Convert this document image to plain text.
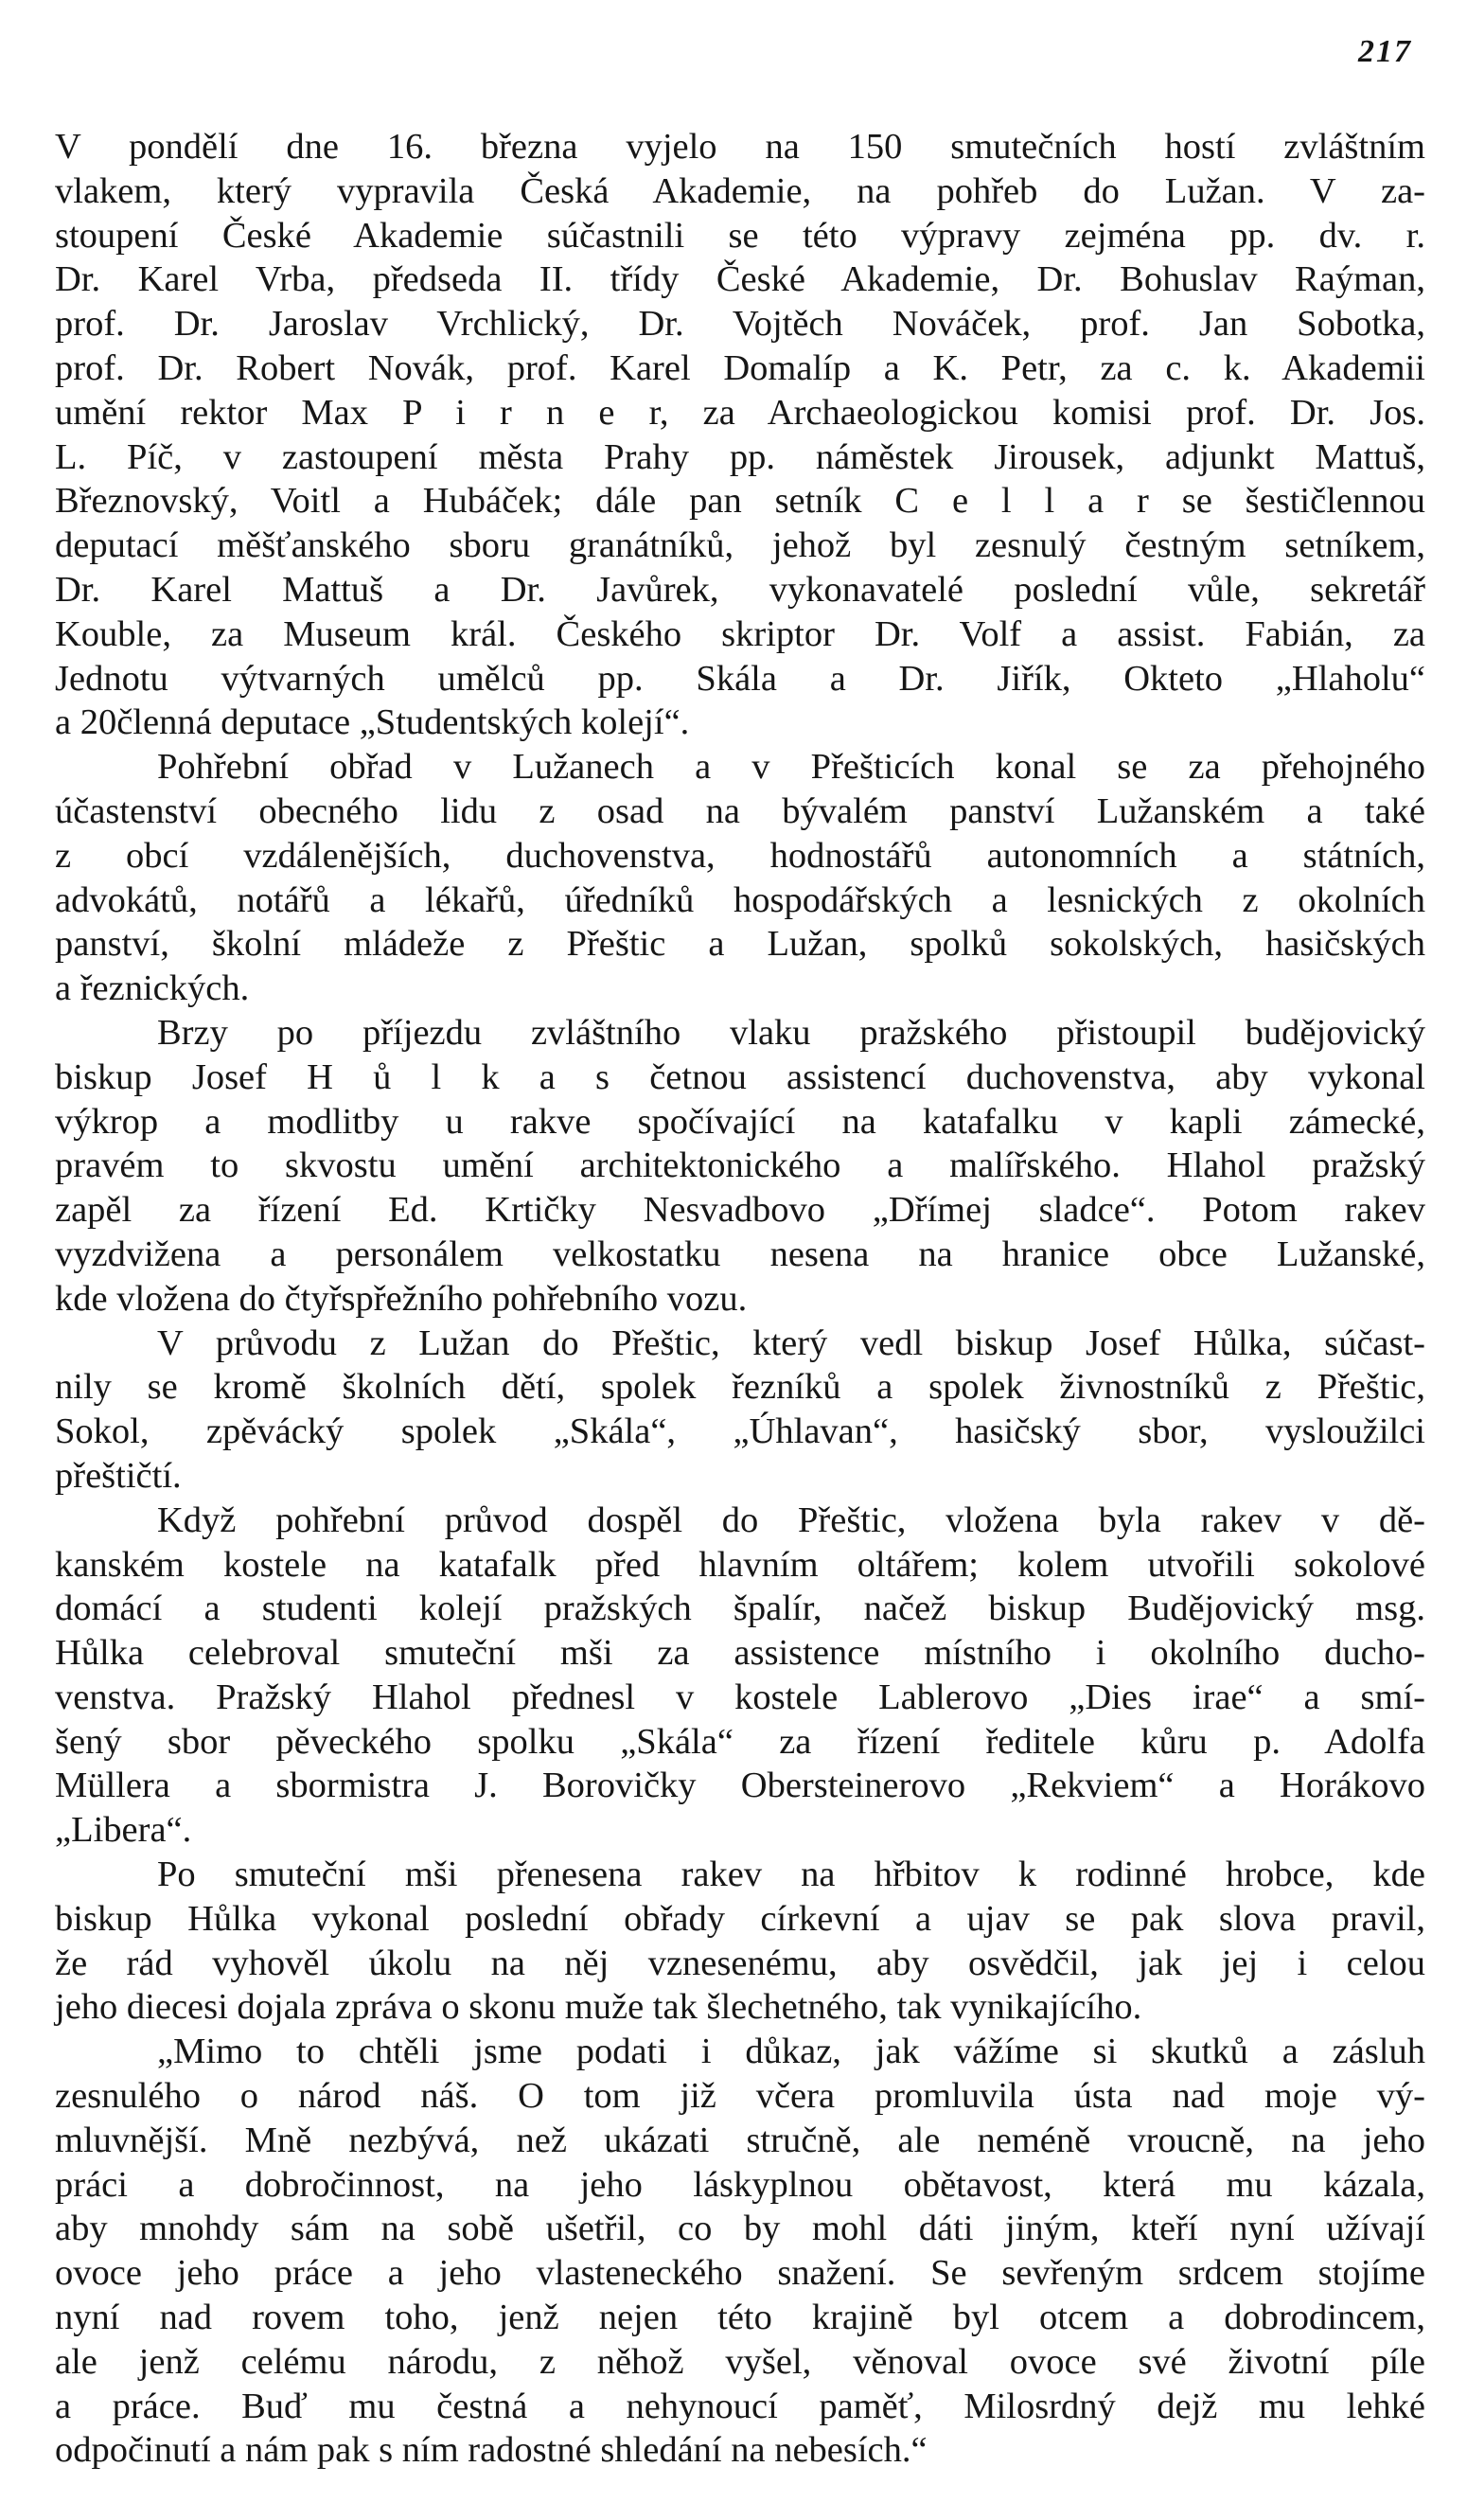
217

V pondělí dne 16. března vyjelo na 150 smutečních hostí zvláštním
vlakem, který vypravila Česká Akademie, na pohřeb do Lužan. V za-
stoupení České Akademie súčastnili se této výpravy zejména pp. dv. r.
Dr. Karel Vrba, předseda II. třídy České Akademie, Dr. Bohuslav Raýman,
prof. Dr. Jaroslav Vrchlický, Dr. Vojtěch Nováček, prof. Jan Sobotka,
prof. Dr. Robert Novák, prof. Karel Domalíp a K. Petr, za c. k. Akademii
umění rektor Max P i r n e r, za Archaeologickou komisi prof. Dr. Jos.
L. Píč, v zastoupení města Prahy pp. náměstek Jirousek, adjunkt Mattuš,
Březnovský, Voitl a Hubáček; dále pan setník C e l l a r se šestičlennou
deputací měšťanského sboru granátníků, jehož byl zesnulý čestným setníkem,
Dr. Karel Mattuš a Dr. Javůrek, vykonavatelé poslední vůle, sekretář
Kouble, za Museum král. Českého skriptor Dr. Volf a assist. Fabián, za
Jednotu výtvarných umělců pp. Skála a Dr. Jiřík, Okteto „Hlaholu“
a 20členná deputace „Studentských kolejí“.

Pohřební obřad v Lužanech a v Přešticích konal se za přehojného
účastenství obecného lidu z osad na bývalém panství Lužanském a také
z obcí vzdálenějších, duchovenstva, hodnostářů autonomních a státních,
advokátů, notářů a lékařů, úředníků hospodářských a lesnických z okolních
panství, školní mládeže z Přeštic a Lužan, spolků sokolských, hasičských
a řeznických.

Brzy po příjezdu zvláštního vlaku pražského přistoupil budějovický
biskup Josef H ů l k a s četnou assistencí duchovenstva, aby vykonal
výkrop a modlitby u rakve spočívající na katafalku v kapli zámecké,
pravém to skvostu umění architektonického a malířského. Hlahol pražský
zapěl za řízení Ed. Krtičky Nesvadbovo „Dřímej sladce“. Potom rakev
vyzdvižena a personálem velkostatku nesena na hranice obce Lužanské,
kde vložena do čtyřspřežního pohřebního vozu.

V průvodu z Lužan do Přeštic, který vedl biskup Josef Hůlka, súčast-
nily se kromě školních dětí, spolek řezníků a spolek živnostníků z Přeštic,
Sokol, zpěvácký spolek „Skála“, „Úhlavan“, hasičský sbor, vysloužilci
přeštičtí.

Když pohřební průvod dospěl do Přeštic, vložena byla rakev v dě-
kanském kostele na katafalk před hlavním oltářem; kolem utvořili sokolové
domácí a studenti kolejí pražských špalír, načež biskup Budějovický msg.
Hůlka celebroval smuteční mši za assistence místního i okolního ducho-
venstva. Pražský Hlahol přednesl v kostele Lablerovo „Dies irae“ a smí-
šený sbor pěveckého spolku „Skála“ za řízení ředitele kůru p. Adolfa
Müllera a sbormistra J. Borovičky Obersteinerovo „Rekviem“ a Horákovo
„Libera“.

Po smuteční mši přenesena rakev na hřbitov k rodinné hrobce, kde
biskup Hůlka vykonal poslední obřady církevní a ujav se pak slova pravil,
že rád vyhověl úkolu na něj vznesenému, aby osvědčil, jak jej i celou
jeho diecesi dojala zpráva o skonu muže tak šlechetného, tak vynikajícího.

„Mimo to chtěli jsme podati i důkaz, jak vážíme si skutků a zásluh
zesnulého o národ náš. O tom již včera promluvila ústa nad moje vý-
mluvnější. Mně nezbývá, než ukázati stručně, ale neméně vroucně, na jeho
práci a dobročinnost, na jeho láskyplnou obětavost, která mu kázala,
aby mnohdy sám na sobě ušetřil, co by mohl dáti jiným, kteří nyní užívají
ovoce jeho práce a jeho vlasteneckého snažení. Se sevřeným srdcem stojíme
nyní nad rovem toho, jenž nejen této krajině byl otcem a dobrodincem,
ale jenž celému národu, z něhož vyšel, věnoval ovoce své životní píle
a práce. Buď mu čestná a nehynoucí paměť, Milosrdný dejž mu lehké
odpočinutí a nám pak s ním radostné shledání na nebesích.“
